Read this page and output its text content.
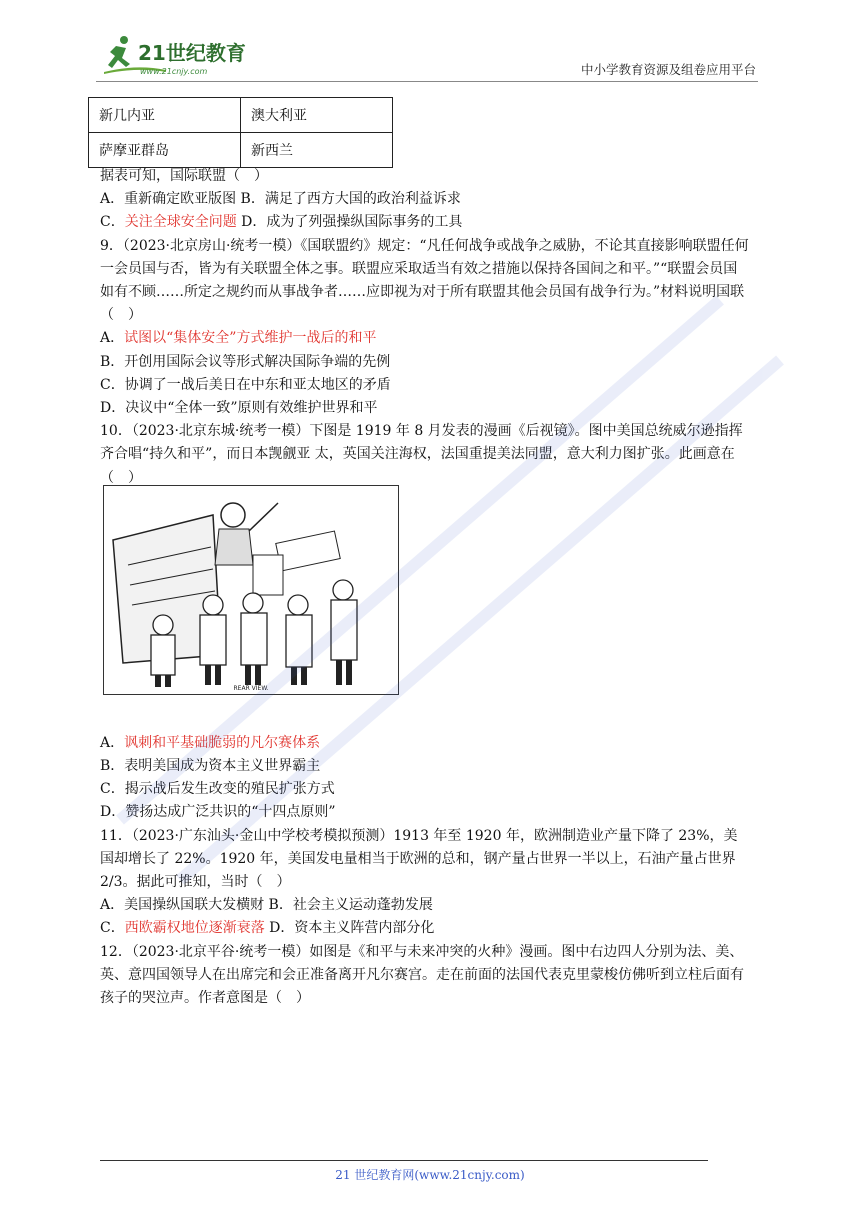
21世纪教育
www.21cnjy.com	中小学教育资源及组卷应用平台
新几内亚	澳大利亚
萨摩亚群岛	新西兰

据表可知，国际联盟（　）

A．重新确定欧亚版图 B．满足了西方大国的政治利益诉求

C．关注全球安全问题 D．成为了列强操纵国际事务的工具

9．（2023·北京房山·统考一模）《国联盟约》规定：“凡任何战争或战争之威胁，不论其直接影响联盟任何一会员国与否，皆为有关联盟全体之事。联盟应采取适当有效之措施以保持各国间之和平。”“联盟会员国如有不顾……所定之规约而从事战争者……应即视为对于所有联盟其他会员国有战争行为。”材料说明国联（　）

A．试图以“集体安全”方式维护一战后的和平

B．开创用国际会议等形式解决国际争端的先例

C．协调了一战后美日在中东和亚太地区的矛盾

D．决议中“全体一致”原则有效维护世界和平

10．（2023·北京东城·统考一模）下图是 1919 年 8 月发表的漫画《后视镜》。图中美国总统威尔逊指挥齐合唱“持久和平”，而日本觊觎亚 太，英国关注海权，法国重提美法同盟，意大利力图扩张。此画意在（　）

A．讽刺和平基础脆弱的凡尔赛体系

B．表明美国成为资本主义世界霸主

C．揭示战后发生改变的殖民扩张方式

D．赞扬达成广泛共识的“十四点原则”

11．（2023·广东汕头·金山中学校考模拟预测）1913 年至 1920 年，欧洲制造业产量下降了 23%，美国却增长了 22%。1920 年，美国发电量相当于欧洲的总和，钢产量占世界一半以上，石油产量占世界 2/3。据此可推知，当时（　）

A．美国操纵国联大发横财 B．社会主义运动蓬勃发展

C．西欧霸权地位逐渐衰落 D．资本主义阵营内部分化

12．（2023·北京平谷·统考一模）如图是《和平与未来冲突的火种》漫画。图中右边四人分别为法、美、英、意四国领导人在出席完和会正准备离开凡尔赛宫。走在前面的法国代表克里蒙梭仿佛听到立柱后面有孩子的哭泣声。作者意图是（　）

REAR VIEW.
21 世纪教育网(www.21cnjy.com)
